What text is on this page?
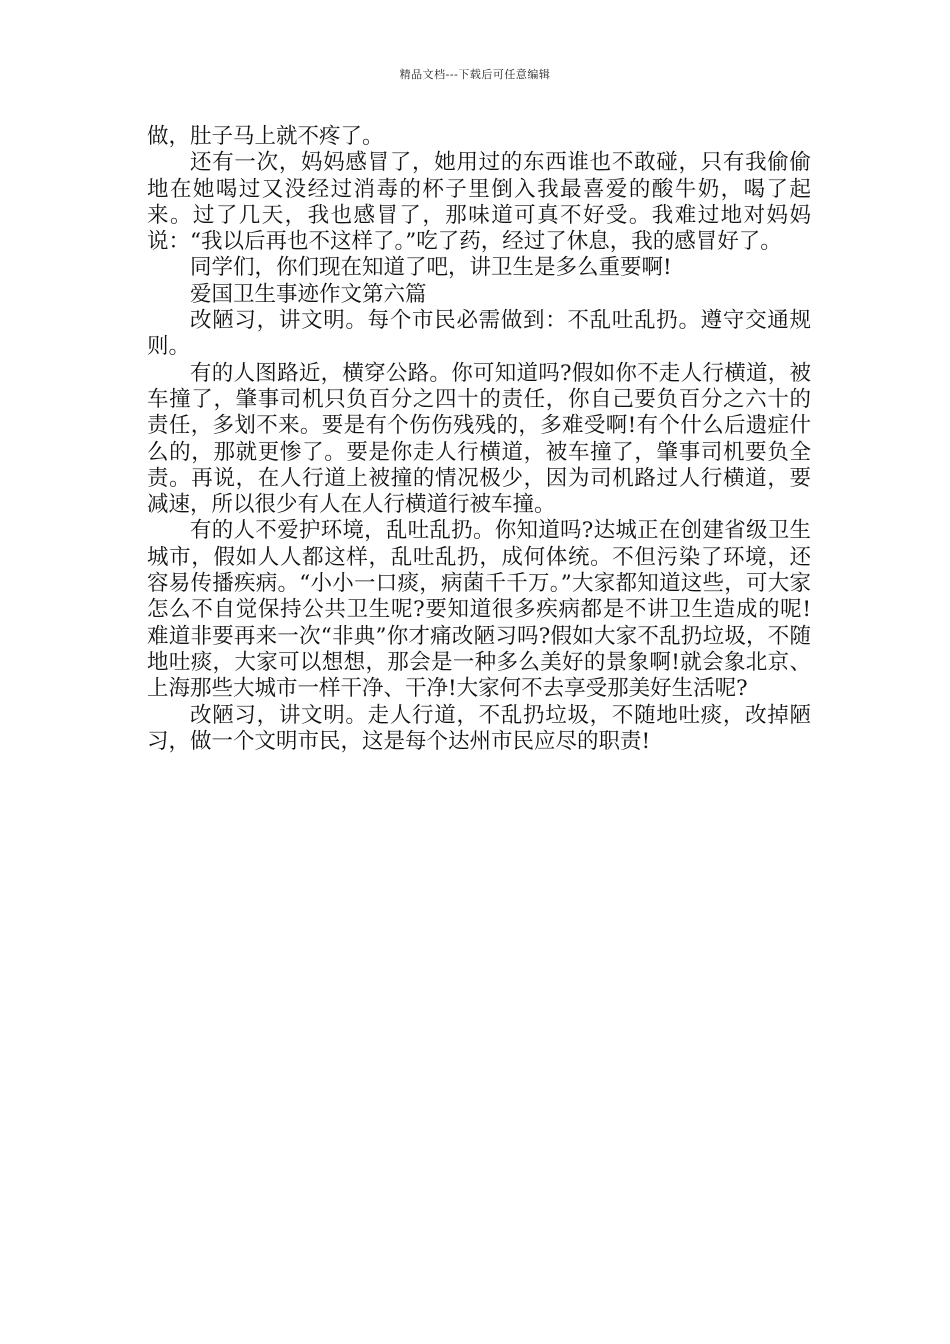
精品文档---下载后可任意编辑

做，肚子马上就不疼了。

还有一次，妈妈感冒了，她用过的东西谁也不敢碰，只有我偷偷地在她喝过又没经过消毒的杯子里倒入我最喜爱的酸牛奶，喝了起来。过了几天，我也感冒了，那味道可真不好受。我难过地对妈妈说：“我以后再也不这样了。”吃了药，经过了休息，我的感冒好了。

同学们，你们现在知道了吧，讲卫生是多么重要啊!

爱国卫生事迹作文第六篇

改陋习，讲文明。每个市民必需做到：不乱吐乱扔。遵守交通规则。

有的人图路近，横穿公路。你可知道吗?假如你不走人行横道，被车撞了，肇事司机只负百分之四十的责任，你自己要负百分之六十的责任，多划不来。要是有个伤伤残残的，多难受啊!有个什么后遗症什么的，那就更惨了。要是你走人行横道，被车撞了，肇事司机要负全责。再说，在人行道上被撞的情况极少，因为司机路过人行横道，要减速，所以很少有人在人行横道行被车撞。

有的人不爱护环境，乱吐乱扔。你知道吗?达城正在创建省级卫生城市，假如人人都这样，乱吐乱扔，成何体统。不但污染了环境，还容易传播疾病。“小小一口痰，病菌千千万。”大家都知道这些，可大家怎么不自觉保持公共卫生呢?要知道很多疾病都是不讲卫生造成的呢!难道非要再来一次“非典”你才痛改陋习吗?假如大家不乱扔垃圾，不随地吐痰，大家可以想想，那会是一种多么美好的景象啊!就会象北京、上海那些大城市一样干净、干净!大家何不去享受那美好生活呢?

改陋习，讲文明。走人行道，不乱扔垃圾，不随地吐痰，改掉陋习，做一个文明市民，这是每个达州市民应尽的职责!
